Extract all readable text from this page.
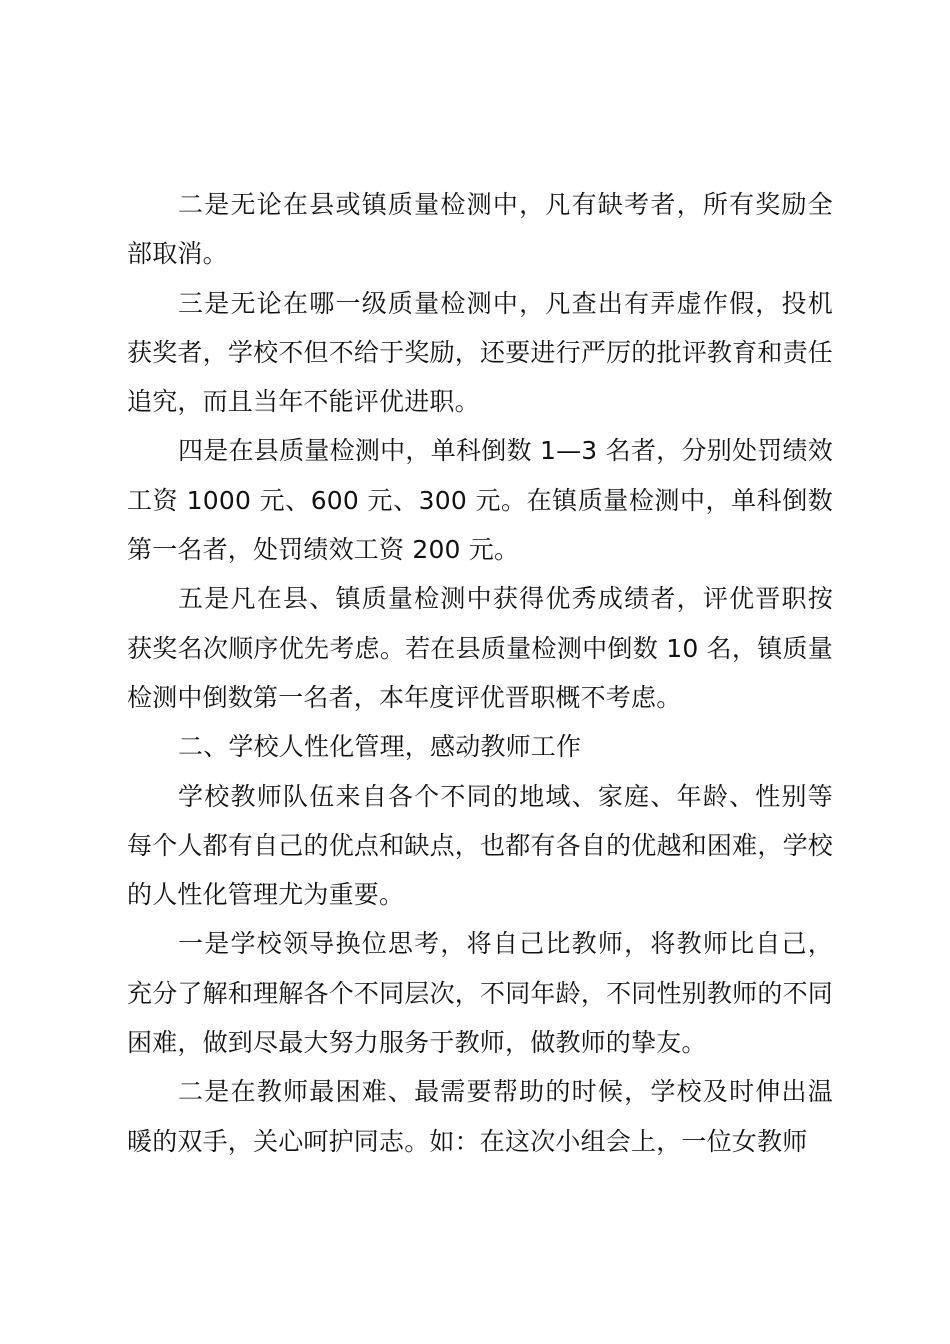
二是无论在县或镇质量检测中，凡有缺考者，所有奖励全部取消。

三是无论在哪一级质量检测中，凡查出有弄虚作假，投机获奖者，学校不但不给于奖励，还要进行严厉的批评教育和责任追究，而且当年不能评优进职。

四是在县质量检测中，单科倒数 1—3 名者，分别处罚绩效工资 1000 元、600 元、300 元。在镇质量检测中，单科倒数第一名者，处罚绩效工资 200 元。

五是凡在县、镇质量检测中获得优秀成绩者，评优晋职按获奖名次顺序优先考虑。若在县质量检测中倒数 10 名，镇质量检测中倒数第一名者，本年度评优晋职概不考虑。

二、学校人性化管理，感动教师工作

学校教师队伍来自各个不同的地域、家庭、年龄、性别等每个人都有自己的优点和缺点，也都有各自的优越和困难，学校的人性化管理尤为重要。

一是学校领导换位思考，将自己比教师，将教师比自己，充分了解和理解各个不同层次，不同年龄，不同性别教师的不同困难，做到尽最大努力服务于教师，做教师的挚友。

二是在教师最困难、最需要帮助的时候，学校及时伸出温暖的双手，关心呵护同志。如：在这次小组会上，一位女教师
